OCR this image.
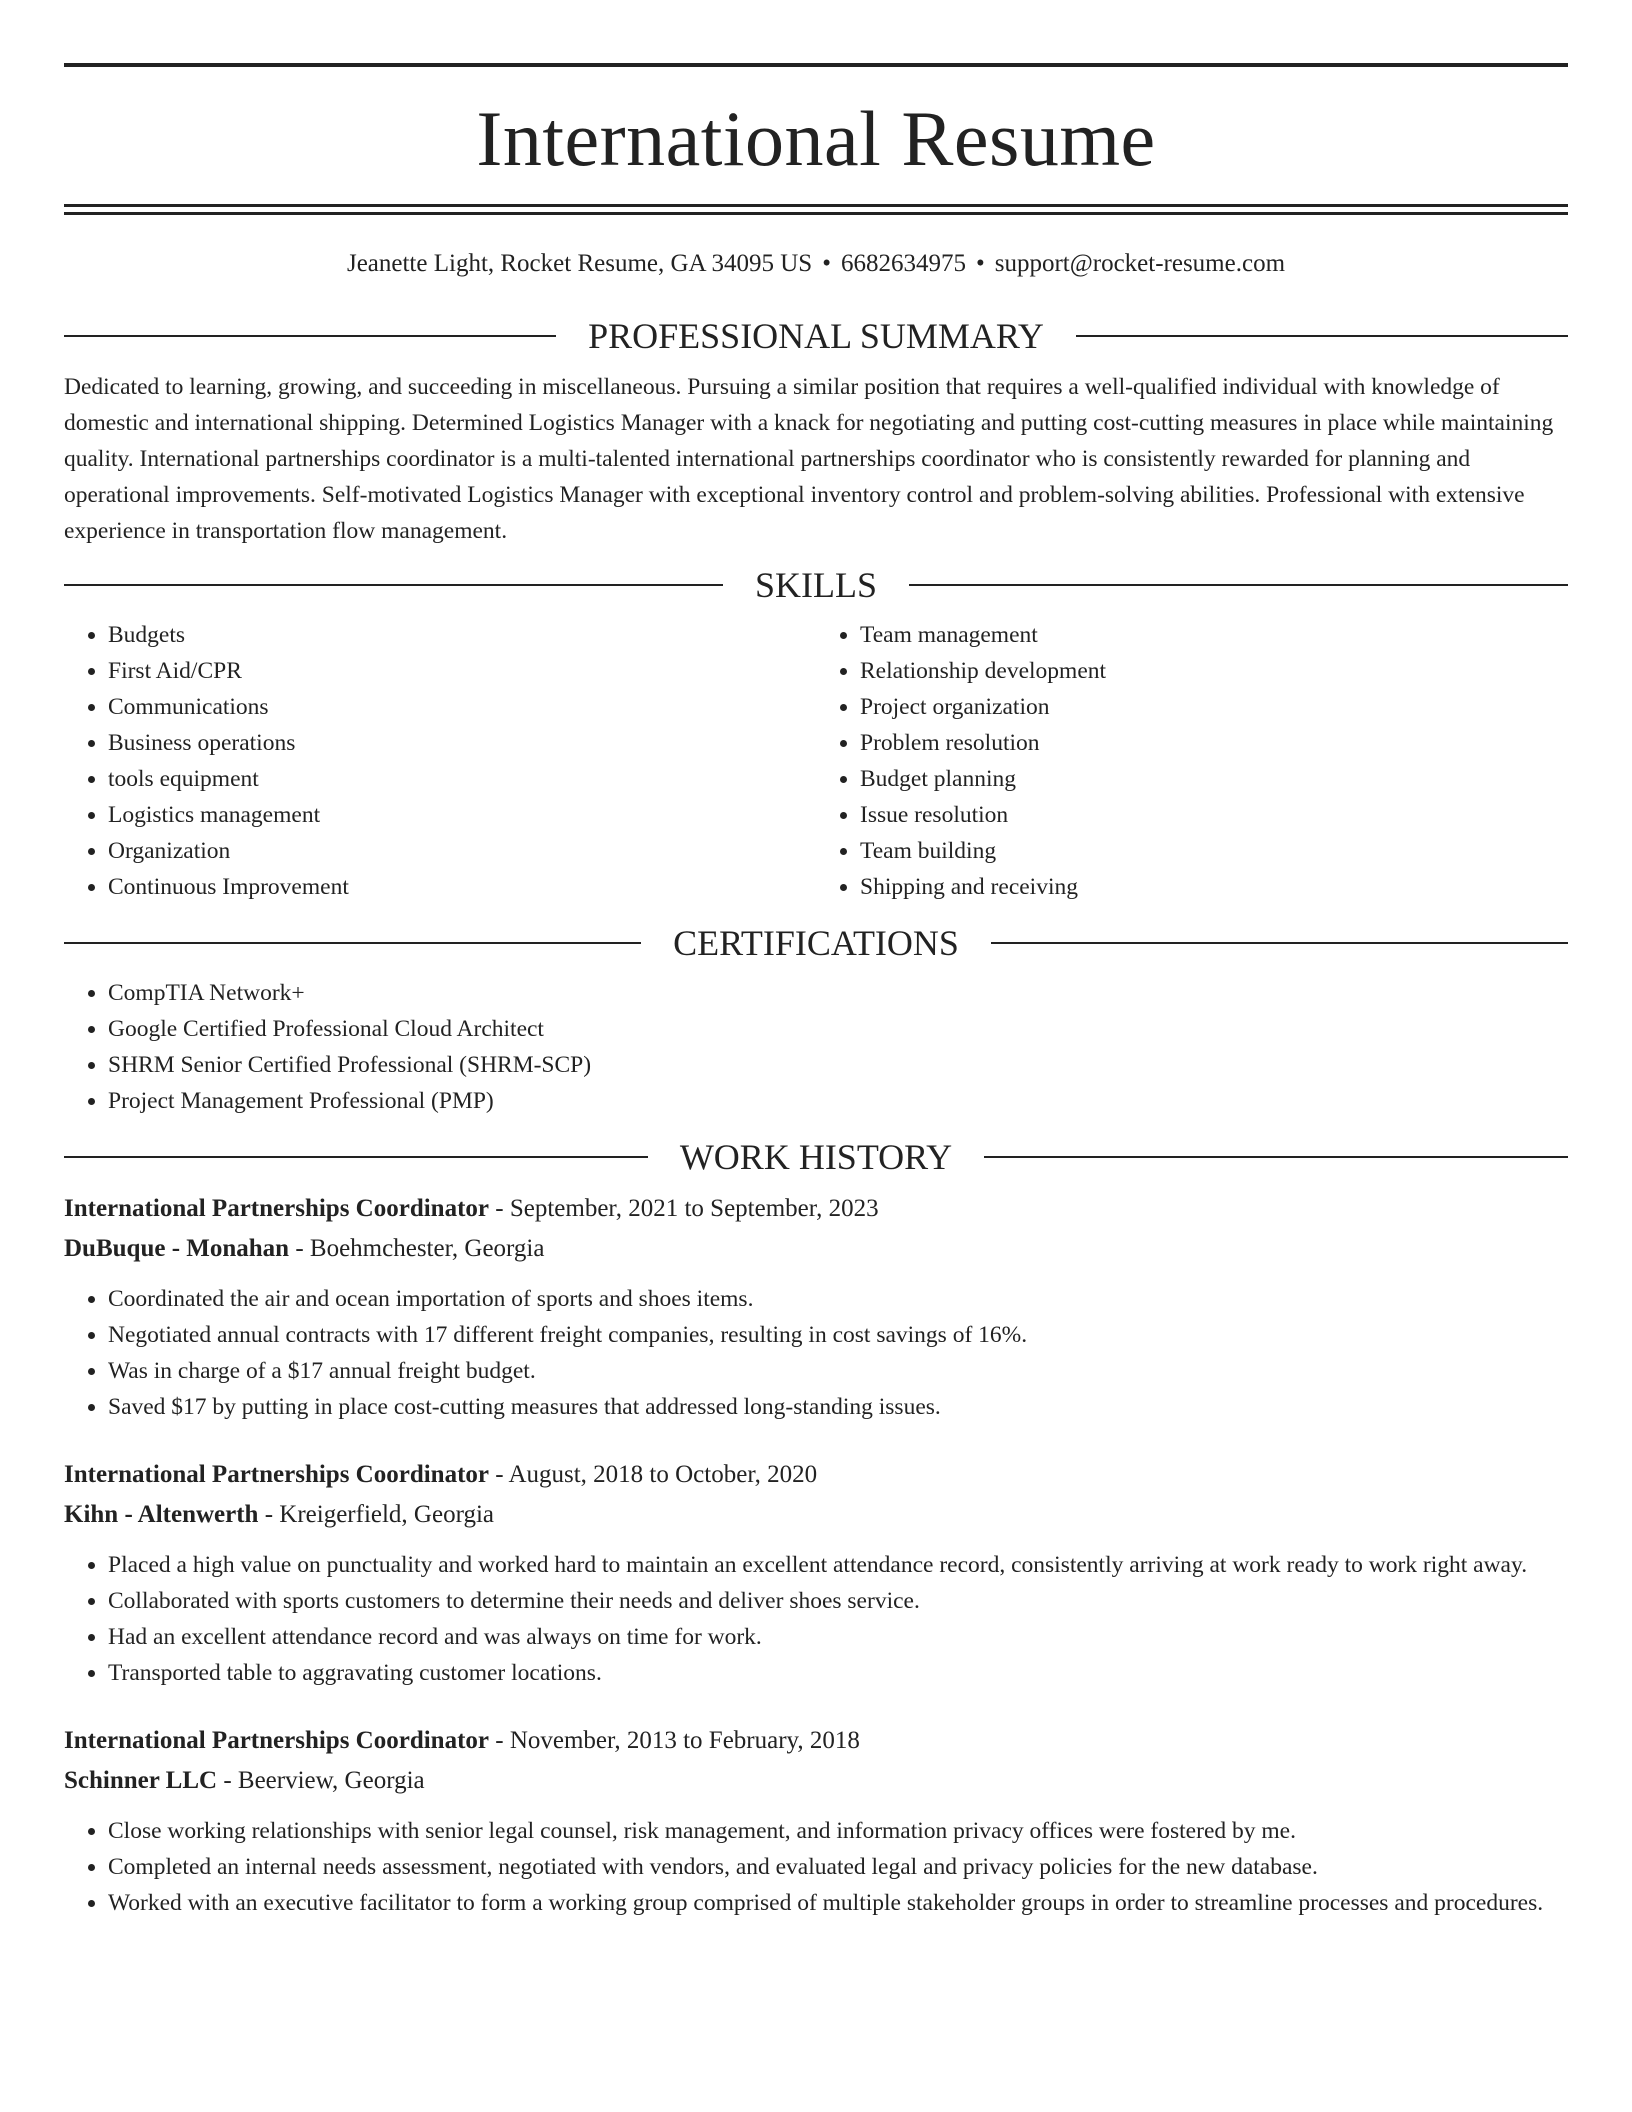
International Resume
Jeanette Light, Rocket Resume, GA 34095 US • 6682634975 • support@rocket-resume.com
PROFESSIONAL SUMMARY
Dedicated to learning, growing, and succeeding in miscellaneous. Pursuing a similar position that requires a well-qualified individual with knowledge of domestic and international shipping. Determined Logistics Manager with a knack for negotiating and putting cost-cutting measures in place while maintaining quality. International partnerships coordinator is a multi-talented international partnerships coordinator who is consistently rewarded for planning and operational improvements. Self-motivated Logistics Manager with exceptional inventory control and problem-solving abilities. Professional with extensive experience in transportation flow management.
SKILLS
• Budgets
• First Aid/CPR
• Communications
• Business operations
• tools equipment
• Logistics management
• Organization
• Continuous Improvement
• Team management
• Relationship development
• Project organization
• Problem resolution
• Budget planning
• Issue resolution
• Team building
• Shipping and receiving
CERTIFICATIONS
• CompTIA Network+
• Google Certified Professional Cloud Architect
• SHRM Senior Certified Professional (SHRM-SCP)
• Project Management Professional (PMP)
WORK HISTORY
International Partnerships Coordinator - September, 2021 to September, 2023
DuBuque - Monahan - Boehmchester, Georgia
• Coordinated the air and ocean importation of sports and shoes items.
• Negotiated annual contracts with 17 different freight companies, resulting in cost savings of 16%.
• Was in charge of a $17 annual freight budget.
• Saved $17 by putting in place cost-cutting measures that addressed long-standing issues.
International Partnerships Coordinator - August, 2018 to October, 2020
Kihn - Altenwerth - Kreigerfield, Georgia
• Placed a high value on punctuality and worked hard to maintain an excellent attendance record, consistently arriving at work ready to work right away.
• Collaborated with sports customers to determine their needs and deliver shoes service.
• Had an excellent attendance record and was always on time for work.
• Transported table to aggravating customer locations.
International Partnerships Coordinator - November, 2013 to February, 2018
Schinner LLC - Beerview, Georgia
• Close working relationships with senior legal counsel, risk management, and information privacy offices were fostered by me.
• Completed an internal needs assessment, negotiated with vendors, and evaluated legal and privacy policies for the new database.
• Worked with an executive facilitator to form a working group comprised of multiple stakeholder groups in order to streamline processes and procedures.
